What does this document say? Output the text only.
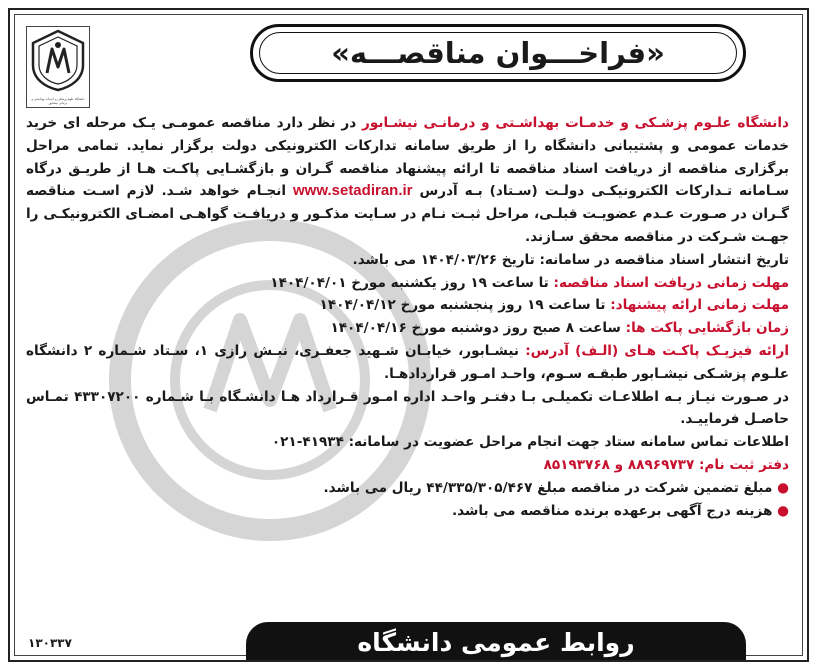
«فراخـــوان مناقصـــه»
دانشگاه علوم پزشکی و خدمات بهداشتی و درمانی نیشابور

دانشگاه علـوم پزشـکی و خدمـات بهداشـتی و درمانـی نیشـابور در نظر دارد مناقصه عمومـی یـک مرحله ای خرید خدمات عمومی و پشتیبانی دانشگاه را از طریق سامانه تدارکات الکترونیکی دولت برگزار نماید. تمامی مراحل برگزاری مناقصه از دریافت اسناد مناقصه تا ارائه پیشنهاد مناقصه گـران و بازگشـایی پاکـت هـا از طریـق درگاه سـامانه تـدارکات الکترونیکـی دولـت (سـتاد) بـه آدرس www.setadiran.ir انجـام خواهد شـد. لازم اسـت مناقصه گـران در صـورت عـدم عضویـت قبلـی، مراحل ثبـت نـام در سـایت مذکـور و دریافـت گواهـی امضـای الکترونیکـی را جهـت شـرکت در مناقصه محقق سـازند.

تاریخ انتشار اسناد مناقصه در سامانه: تاریخ ۱۴۰۴/۰۳/۲۶ می باشد.

مهلت زمانی دریافت اسناد مناقصه: تا ساعت ۱۹ روز یکشنبه مورخ ۱۴۰۴/۰۴/۰۱

مهلت زمانی ارائه پیشنهاد: تا ساعت ۱۹ روز پنجشنبه مورخ ۱۴۰۴/۰۴/۱۲

زمان بازگشایی پاکت ها: ساعت ۸ صبح روز دوشنبه مورخ ۱۴۰۴/۰۴/۱۶

ارائه فیزیـک پاکـت هـای (الـف) آدرس: نیشـابور، خیابـان شـهید جعفـری، نبـش رازی ۱، سـتاد شـماره ۲ دانشگاه علـوم پزشـکی نیشـابور طبقـه سـوم، واحـد امـور قراردادهـا.

در صـورت نیـاز بـه اطلاعـات تکمیلـی بـا دفتـر واحـد اداره امـور قـرارداد هـا دانشـگاه بـا شـماره ۴۳۳۰۷۲۰۰ تمـاس حاصـل فرماییـد.

اطلاعات تماس سامانه ستاد جهت انجام مراحل عضویت در سامانه: ۴۱۹۳۴-۰۲۱

دفتر ثبت نام: ۸۸۹۶۹۷۳۷ و ۸۵۱۹۳۷۶۸

● مبلغ تضمین شرکت در مناقصه مبلغ ۴۴/۳۳۵/۳۰۵/۴۶۷ ریال می باشد.

● هزینه درج آگهی برعهده برنده مناقصه می باشد.

روابط عمومی دانشگاه
۱۳۰۳۳۷
